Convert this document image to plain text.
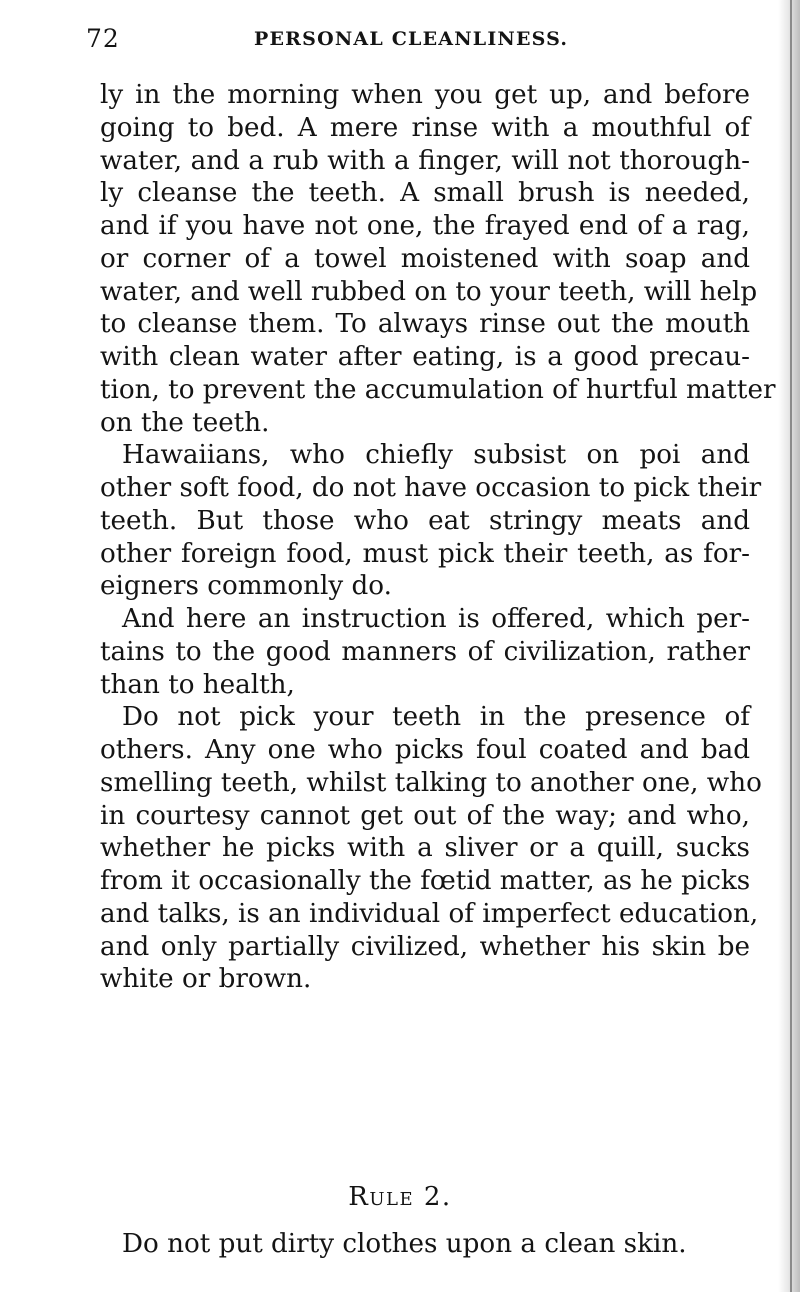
72	PERSONAL CLEANLINESS.
ly in the morning when you get up, and before
going to bed. A mere rinse with a mouthful of
water, and a rub with a finger, will not thorough-
ly cleanse the teeth. A small brush is needed,
and if you have not one, the frayed end of a rag,
or corner of a towel moistened with soap and
water, and well rubbed on to your teeth, will help
to cleanse them. To always rinse out the mouth
with clean water after eating, is a good precau-
tion, to prevent the accumulation of hurtful matter
on the teeth.
Hawaiians, who chiefly subsist on poi and
other soft food, do not have occasion to pick their
teeth. But those who eat stringy meats and
other foreign food, must pick their teeth, as for-
eigners commonly do.
And here an instruction is offered, which per-
tains to the good manners of civilization, rather
than to health,
Do not pick your teeth in the presence of
others. Any one who picks foul coated and bad
smelling teeth, whilst talking to another one, who
in courtesy cannot get out of the way; and who,
whether he picks with a sliver or a quill, sucks
from it occasionally the fœtid matter, as he picks
and talks, is an individual of imperfect education,
and only partially civilized, whether his skin be
white or brown.
Rule 2.
Do not put dirty clothes upon a clean skin.
